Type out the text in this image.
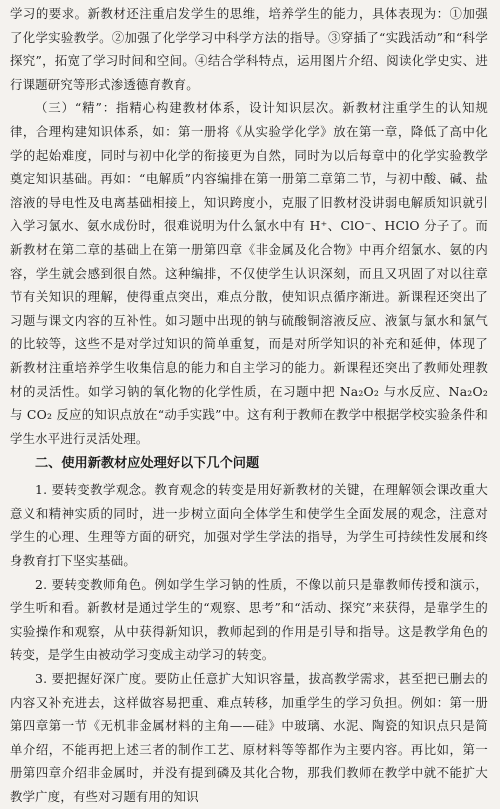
学习的要求。新教材还注重启发学生的思维，培养学生的能力，具体表现为：①加强了化学实验教学。②加强了化学学习中科学方法的指导。③穿插了“实践活动”和“科学探究”，拓宽了学习时间和空间。④结合学科特点，运用图片介绍、阅读化学史实、进行课题研究等形式渗透德育教育。

（三）“精”：指精心构建教材体系，设计知识层次。新教材注重学生的认知规律，合理构建知识体系，如：第一册将《从实验学化学》放在第一章，降低了高中化学的起始难度，同时与初中化学的衔接更为自然，同时为以后每章中的化学实验教学奠定知识基础。再如：“电解质”内容编排在第一册第二章第二节，与初中酸、碱、盐溶液的导电性及电离基础相接上，知识跨度小，克服了旧教材没讲弱电解质知识就引入学习氯水、氨水成份时，很难说明为什么氯水中有 H⁺、ClO⁻、HClO 分子了。而新教材在第二章的基础上在第一册第四章《非金属及化合物》中再介绍氯水、氨的内容，学生就会感到很自然。这种编排，不仅使学生认识深刻，而且又巩固了对以往章节有关知识的理解，使得重点突出，难点分散，使知识点循序渐进。新课程还突出了习题与课文内容的互补性。如习题中出现的钠与硫酸铜溶液反应、液氯与氯水和氯气的比较等，这些不是对学过知识的简单重复，而是对所学知识的补充和延伸，体现了新教材注重培养学生收集信息的能力和自主学习的能力。新课程还突出了教师处理教材的灵活性。如学习钠的氧化物的化学性质，在习题中把 Na₂O₂ 与水反应、Na₂O₂ 与 CO₂ 反应的知识点放在“动手实践”中。这有利于教师在教学中根据学校实验条件和学生水平进行灵活处理。

二、使用新教材应处理好以下几个问题

1. 要转变教学观念。教育观念的转变是用好新教材的关键，在理解领会课改重大意义和精神实质的同时，进一步树立面向全体学生和使学生全面发展的观念，注意对学生的心理、生理等方面的研究，加强对学生学法的指导，为学生可持续性发展和终身教育打下坚实基础。

2. 要转变教师角色。例如学生学习钠的性质，不像以前只是靠教师传授和演示，学生听和看。新教材是通过学生的“观察、思考”和“活动、探究”来获得，是靠学生的实验操作和观察，从中获得新知识，教师起到的作用是引导和指导。这是教学角色的转变，是学生由被动学习变成主动学习的转变。

3. 要把握好深广度。要防止任意扩大知识容量，拔高教学需求，甚至把已删去的内容又补充进去，这样做容易把重、难点转移，加重学生的学习负担。例如：第一册第四章第一节《无机非金属材料的主角——硅》中玻璃、水泥、陶瓷的知识点只是简单介绍，不能再把上述三者的制作工艺、原材料等等都作为主要内容。再比如，第一册第四章介绍非金属时，并没有提到磷及其化合物，那我们教师在教学中就不能扩大教学广度，有些对习题有用的知识
